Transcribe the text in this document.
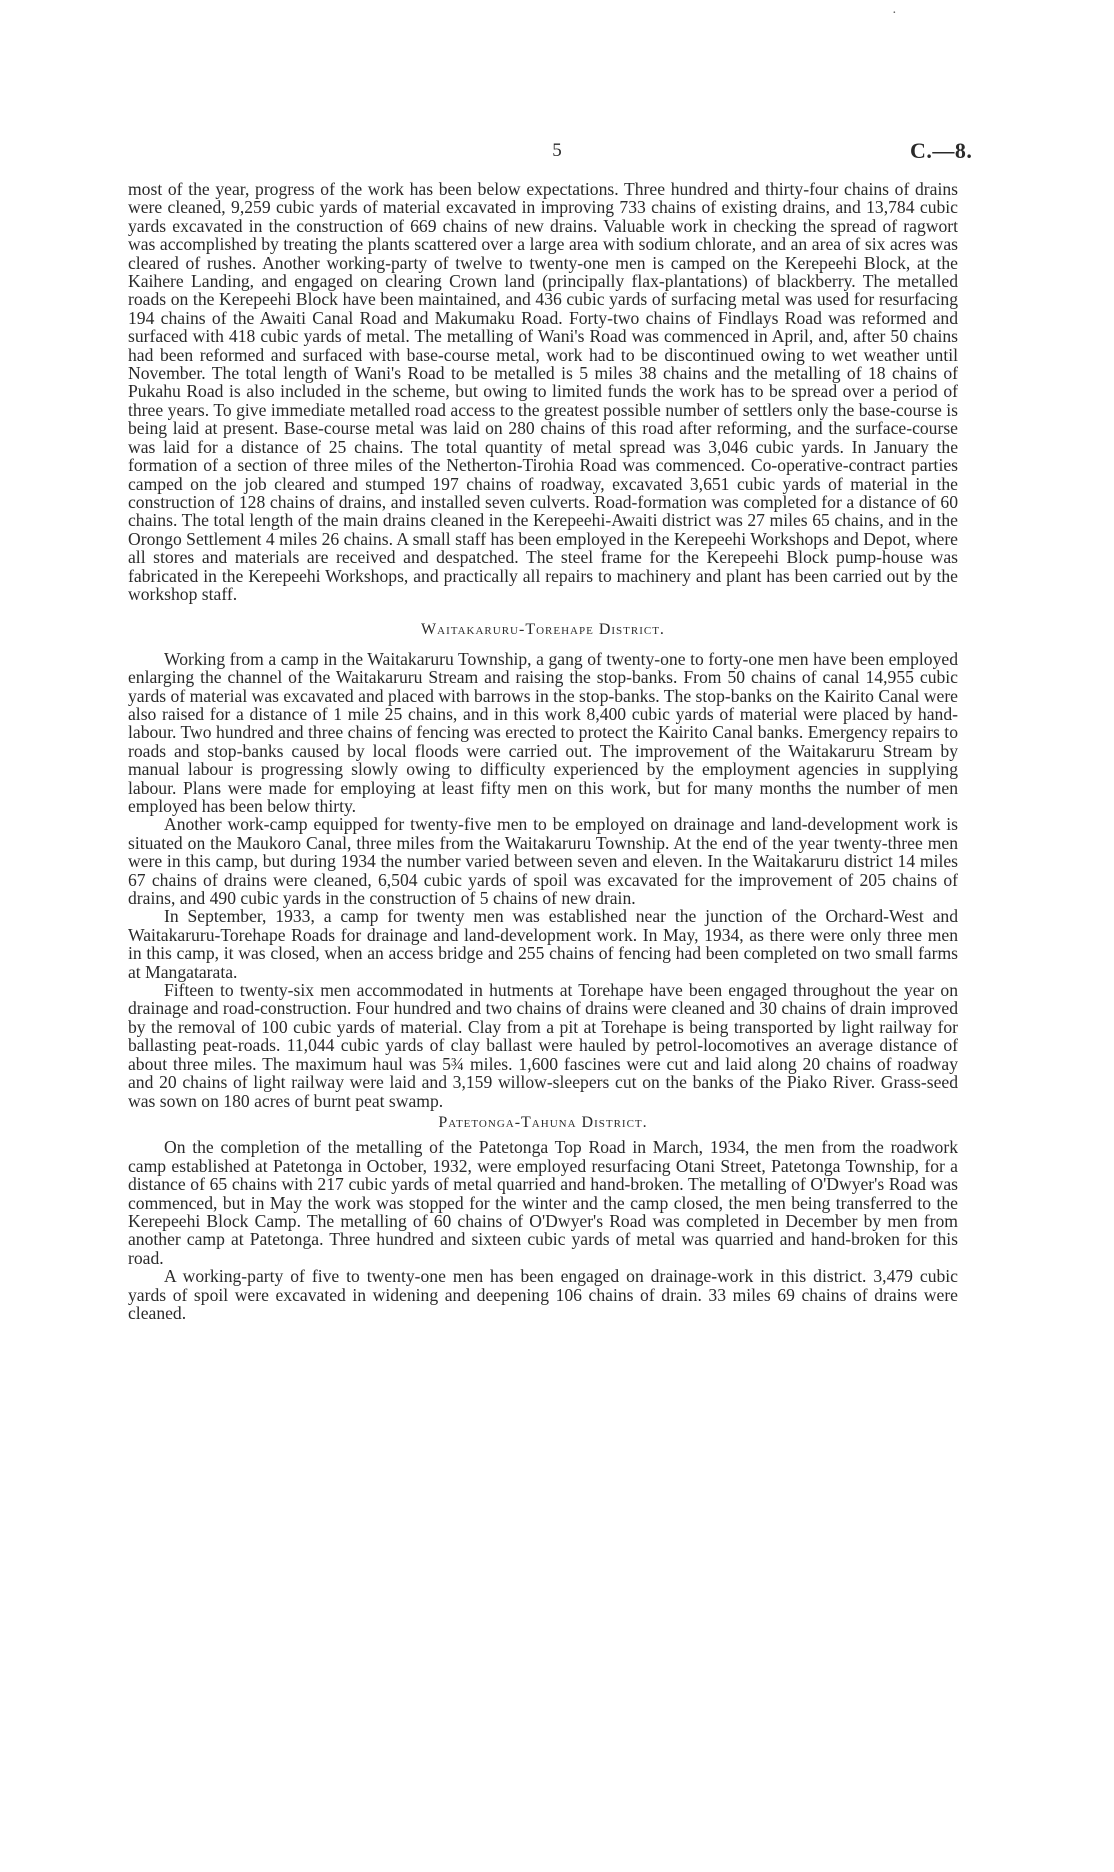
·
5	C.—8.

most of the year, progress of the work has been below expectations. Three hundred and thirty-four chains of drains were cleaned, 9,259 cubic yards of material excavated in improving 733 chains of existing drains, and 13,784 cubic yards excavated in the construction of 669 chains of new drains. Valuable work in checking the spread of ragwort was accomplished by treating the plants scattered over a large area with sodium chlorate, and an area of six acres was cleared of rushes. Another working-party of twelve to twenty-one men is camped on the Kerepeehi Block, at the Kaihere Landing, and engaged on clearing Crown land (principally flax-plantations) of blackberry. The metalled roads on the Kerepeehi Block have been maintained, and 436 cubic yards of surfacing metal was used for resurfacing 194 chains of the Awaiti Canal Road and Makumaku Road. Forty-two chains of Findlays Road was reformed and surfaced with 418 cubic yards of metal. The metalling of Wani's Road was commenced in April, and, after 50 chains had been reformed and surfaced with base-course metal, work had to be discontinued owing to wet weather until November. The total length of Wani's Road to be metalled is 5 miles 38 chains and the metalling of 18 chains of Pukahu Road is also included in the scheme, but owing to limited funds the work has to be spread over a period of three years. To give immediate metalled road access to the greatest possible number of settlers only the base-course is being laid at present. Base-course metal was laid on 280 chains of this road after reforming, and the surface-course was laid for a distance of 25 chains. The total quantity of metal spread was 3,046 cubic yards. In January the formation of a section of three miles of the Netherton-Tirohia Road was commenced. Co-operative-contract parties camped on the job cleared and stumped 197 chains of roadway, excavated 3,651 cubic yards of material in the construction of 128 chains of drains, and installed seven culverts. Road-formation was completed for a distance of 60 chains. The total length of the main drains cleaned in the Kerepeehi-Awaiti district was 27 miles 65 chains, and in the Orongo Settlement 4 miles 26 chains. A small staff has been employed in the Kerepeehi Workshops and Depot, where all stores and materials are received and despatched. The steel frame for the Kerepeehi Block pump-house was fabricated in the Kerepeehi Workshops, and practically all repairs to machinery and plant has been carried out by the workshop staff.

Waitakaruru-Torehape District.

Working from a camp in the Waitakaruru Township, a gang of twenty-one to forty-one men have been employed enlarging the channel of the Waitakaruru Stream and raising the stop-banks. From 50 chains of canal 14,955 cubic yards of material was excavated and placed with barrows in the stop-banks. The stop-banks on the Kairito Canal were also raised for a distance of 1 mile 25 chains, and in this work 8,400 cubic yards of material were placed by hand-labour. Two hundred and three chains of fencing was erected to protect the Kairito Canal banks. Emergency repairs to roads and stop-banks caused by local floods were carried out. The improvement of the Waitakaruru Stream by manual labour is progressing slowly owing to difficulty experienced by the employment agencies in supplying labour. Plans were made for employing at least fifty men on this work, but for many months the number of men employed has been below thirty.

Another work-camp equipped for twenty-five men to be employed on drainage and land-development work is situated on the Maukoro Canal, three miles from the Waitakaruru Township. At the end of the year twenty-three men were in this camp, but during 1934 the number varied between seven and eleven. In the Waitakaruru district 14 miles 67 chains of drains were cleaned, 6,504 cubic yards of spoil was excavated for the improvement of 205 chains of drains, and 490 cubic yards in the construction of 5 chains of new drain.

In September, 1933, a camp for twenty men was established near the junction of the Orchard-West and Waitakaruru-Torehape Roads for drainage and land-development work. In May, 1934, as there were only three men in this camp, it was closed, when an access bridge and 255 chains of fencing had been completed on two small farms at Mangatarata.

Fifteen to twenty-six men accommodated in hutments at Torehape have been engaged throughout the year on drainage and road-construction. Four hundred and two chains of drains were cleaned and 30 chains of drain improved by the removal of 100 cubic yards of material. Clay from a pit at Torehape is being transported by light railway for ballasting peat-roads. 11,044 cubic yards of clay ballast were hauled by petrol-locomotives an average distance of about three miles. The maximum haul was 5¾ miles. 1,600 fascines were cut and laid along 20 chains of roadway and 20 chains of light railway were laid and 3,159 willow-sleepers cut on the banks of the Piako River. Grass-seed was sown on 180 acres of burnt peat swamp.

Patetonga-Tahuna District.

On the completion of the metalling of the Patetonga Top Road in March, 1934, the men from the roadwork camp established at Patetonga in October, 1932, were employed resurfacing Otani Street, Patetonga Township, for a distance of 65 chains with 217 cubic yards of metal quarried and hand-broken. The metalling of O'Dwyer's Road was commenced, but in May the work was stopped for the winter and the camp closed, the men being transferred to the Kerepeehi Block Camp. The metalling of 60 chains of O'Dwyer's Road was completed in December by men from another camp at Patetonga. Three hundred and sixteen cubic yards of metal was quarried and hand-broken for this road.

A working-party of five to twenty-one men has been engaged on drainage-work in this district. 3,479 cubic yards of spoil were excavated in widening and deepening 106 chains of drain. 33 miles 69 chains of drains were cleaned.
